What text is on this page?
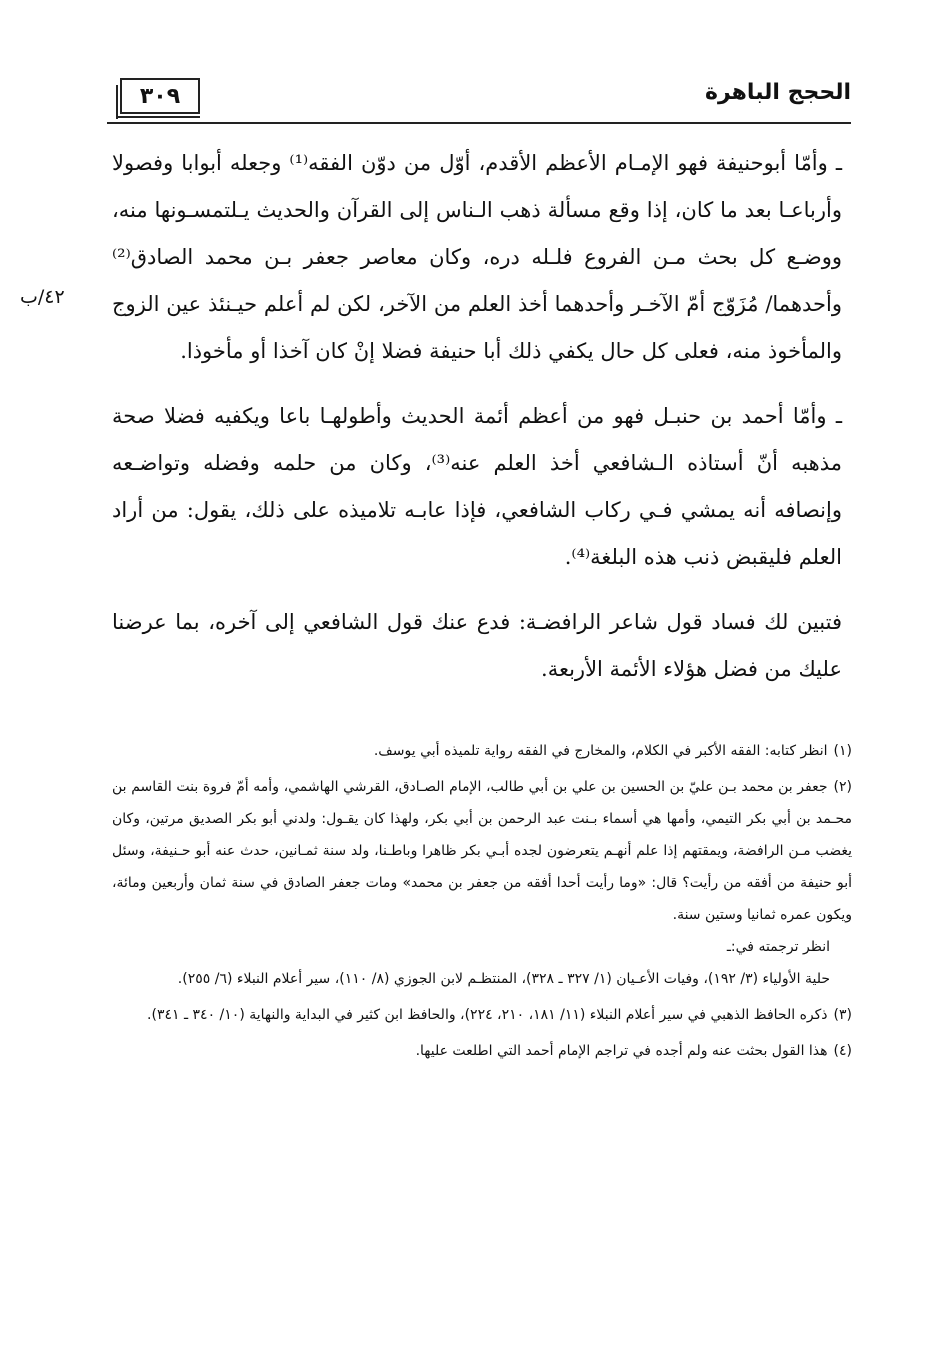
٣٠٩	الحجج الباهرة
٤٢/ب

ـ وأمّا أبوحنيفة فهو الإمـام الأعظم الأقدم، أوّل من دوّن الفقه⁽¹⁾ وجعله أبوابا وفصولا وأرباعـا بعد ما كان، إذا وقع مسألة ذهب الـناس إلى القرآن والحديث يـلتمسـونها منه، ووضـع كل بحث مـن الفروع فلـله دره، وكان معاصر جعفر بـن محمد الصادق⁽²⁾ وأحدهما/ مُزَوّج أمّ الآخـر وأحدهما أخذ العلم من الآخر، لكن لم أعلم حيـنئذ عين الزوج والمأخوذ منه، فعلى كل حال يكفي ذلك أبا حنيفة فضلا إنْ كان آخذا أو مأخوذا.

ـ وأمّا أحمد بن حنبـل فهو من أعظم أئمة الحديث وأطولهـا باعا ويكفيه فضلا صحة مذهبه أنّ أستاذه الـشافعي أخذ العلم عنه⁽³⁾، وكان من حلمه وفضله وتواضـعه وإنصافه أنه يمشي فـي ركاب الشافعي، فإذا عابـه تلاميذه على ذلك، يقول: من أراد العلم فليقبض ذنب هذه البلغة⁽⁴⁾.

فتبين لك فساد قول شاعر الرافضـة: فدع عنك قول الشافعي إلى آخره، بما عرضنا عليك من فضل هؤلاء الأئمة الأربعة.

(١)انظر كتابه: الفقه الأكبر في الكلام، والمخارج في الفقه رواية تلميذه أبي يوسف.
(٢)جعفر بن محمد بـن عليّ بن الحسين بن علي بن أبي طالب، الإمام الصـادق، القرشي الهاشمي، وأمه أمّ فروة بنت القاسم بن محـمد بن أبي بكر التيمي، وأمها هي أسماء بـنت عبد الرحمن بن أبي بكر، ولهذا كان يقـول: ولدني أبو بكر الصديق مرتين، وكان يغضب مـن الرافضة، ويمقتهم إذا علم أنهـم يتعرضون لجده أبـي بكر ظاهرا وباطـنا، ولد سنة ثمـانين، حدث عنه أبو حـنيفة، وسئل أبو حنيفة من أفقه من رأيت؟ قال: «وما رأيت أحدا أفقه من جعفر بن محمد» ومات جعفر الصادق في سنة ثمان وأربعين ومائة، ويكون عمره ثمانيا وستين سنة.
انظر ترجمته في:ـ
حلية الأولياء (٣/ ١٩٢)، وفيات الأعـيان (١/ ٣٢٧ ـ ٣٢٨)، المنتظـم لابن الجوزي (٨/ ١١٠)، سير أعلام النبلاء (٦/ ٢٥٥).
(٣)ذكره الحافظ الذهبي في سير أعلام النبلاء (١١/ ١٨١، ٢١٠، ٢٢٤)، والحافظ ابن كثير في البداية والنهاية (١٠/ ٣٤٠ ـ ٣٤١).
(٤)هذا القول بحثت عنه ولم أجده في تراجم الإمام أحمد التي اطلعت عليها.
